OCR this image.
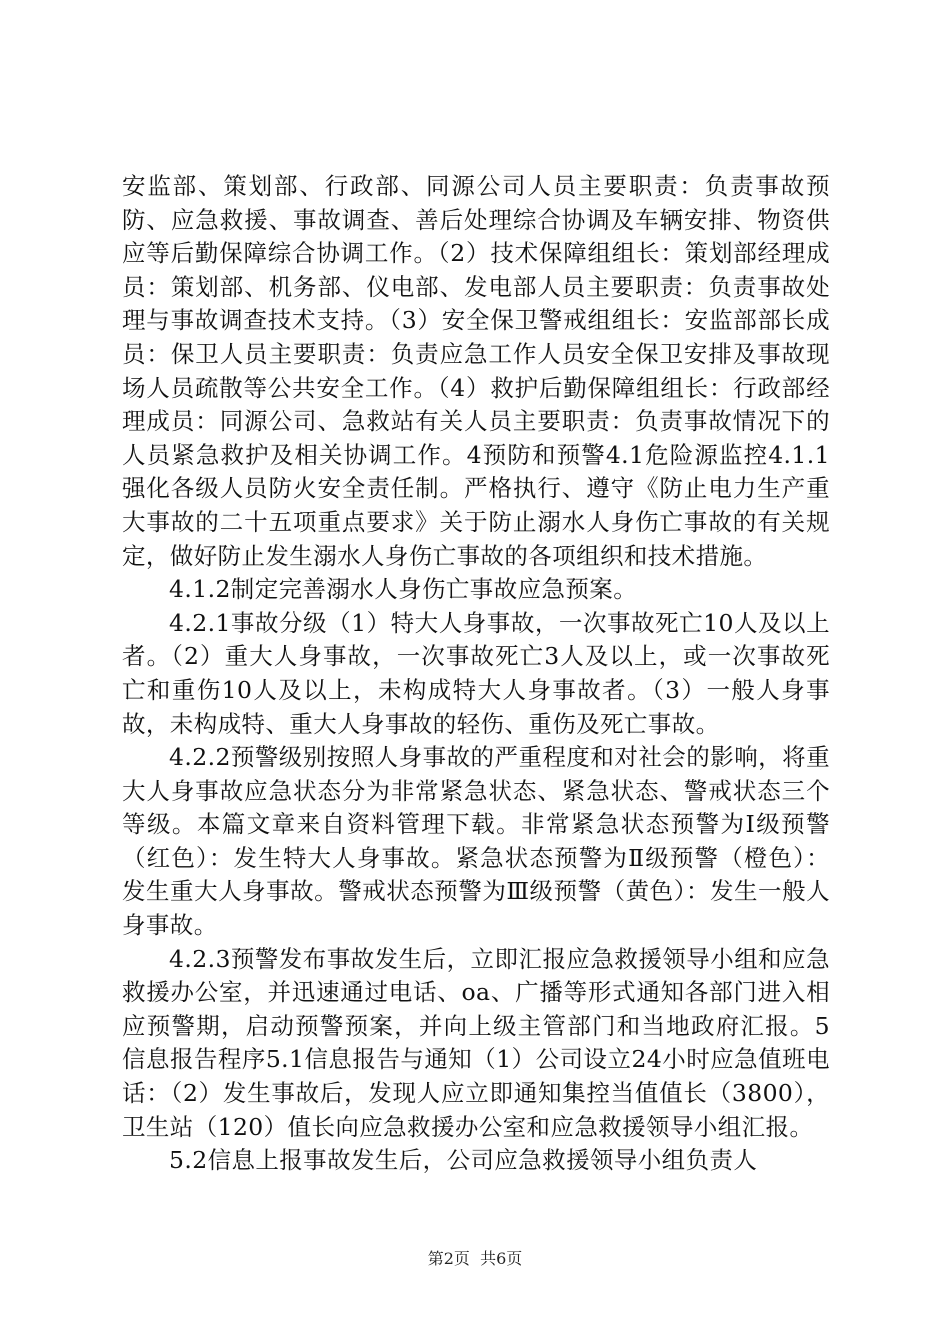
安监部、策划部、行政部、同源公司人员主要职责：负责事故预防、应急救援、事故调查、善后处理综合协调及车辆安排、物资供应等后勤保障综合协调工作。（2）技术保障组组长：策划部经理成员：策划部、机务部、仪电部、发电部人员主要职责：负责事故处理与事故调查技术支持。（3）安全保卫警戒组组长：安监部部长成员：保卫人员主要职责：负责应急工作人员安全保卫安排及事故现场人员疏散等公共安全工作。（4）救护后勤保障组组长：行政部经理成员：同源公司、急救站有关人员主要职责：负责事故情况下的人员紧急救护及相关协调工作。4预防和预警4.1危险源监控4.1.1强化各级人员防火安全责任制。严格执行、遵守《防止电力生产重大事故的二十五项重点要求》关于防止溺水人身伤亡事故的有关规定，做好防止发生溺水人身伤亡事故的各项组织和技术措施。

4.1.2制定完善溺水人身伤亡事故应急预案。

4.2.1事故分级（1）特大人身事故，一次事故死亡10人及以上者。（2）重大人身事故，一次事故死亡3人及以上，或一次事故死亡和重伤10人及以上，未构成特大人身事故者。（3）一般人身事故，未构成特、重大人身事故的轻伤、重伤及死亡事故。

4.2.2预警级别按照人身事故的严重程度和对社会的影响，将重大人身事故应急状态分为非常紧急状态、紧急状态、警戒状态三个等级。本篇文章来自资料管理下载。非常紧急状态预警为Ⅰ级预警（红色）：发生特大人身事故。紧急状态预警为Ⅱ级预警（橙色）：发生重大人身事故。警戒状态预警为Ⅲ级预警（黄色）：发生一般人身事故。

4.2.3预警发布事故发生后，立即汇报应急救援领导小组和应急救援办公室，并迅速通过电话、oa、广播等形式通知各部门进入相应预警期，启动预警预案，并向上级主管部门和当地政府汇报。5信息报告程序5.1信息报告与通知（1）公司设立24小时应急值班电话：（2）发生事故后，发现人应立即通知集控当值值长（3800），卫生站（120）值长向应急救援办公室和应急救援领导小组汇报。

5.2信息上报事故发生后，公司应急救援领导小组负责人

第2页  共6页
